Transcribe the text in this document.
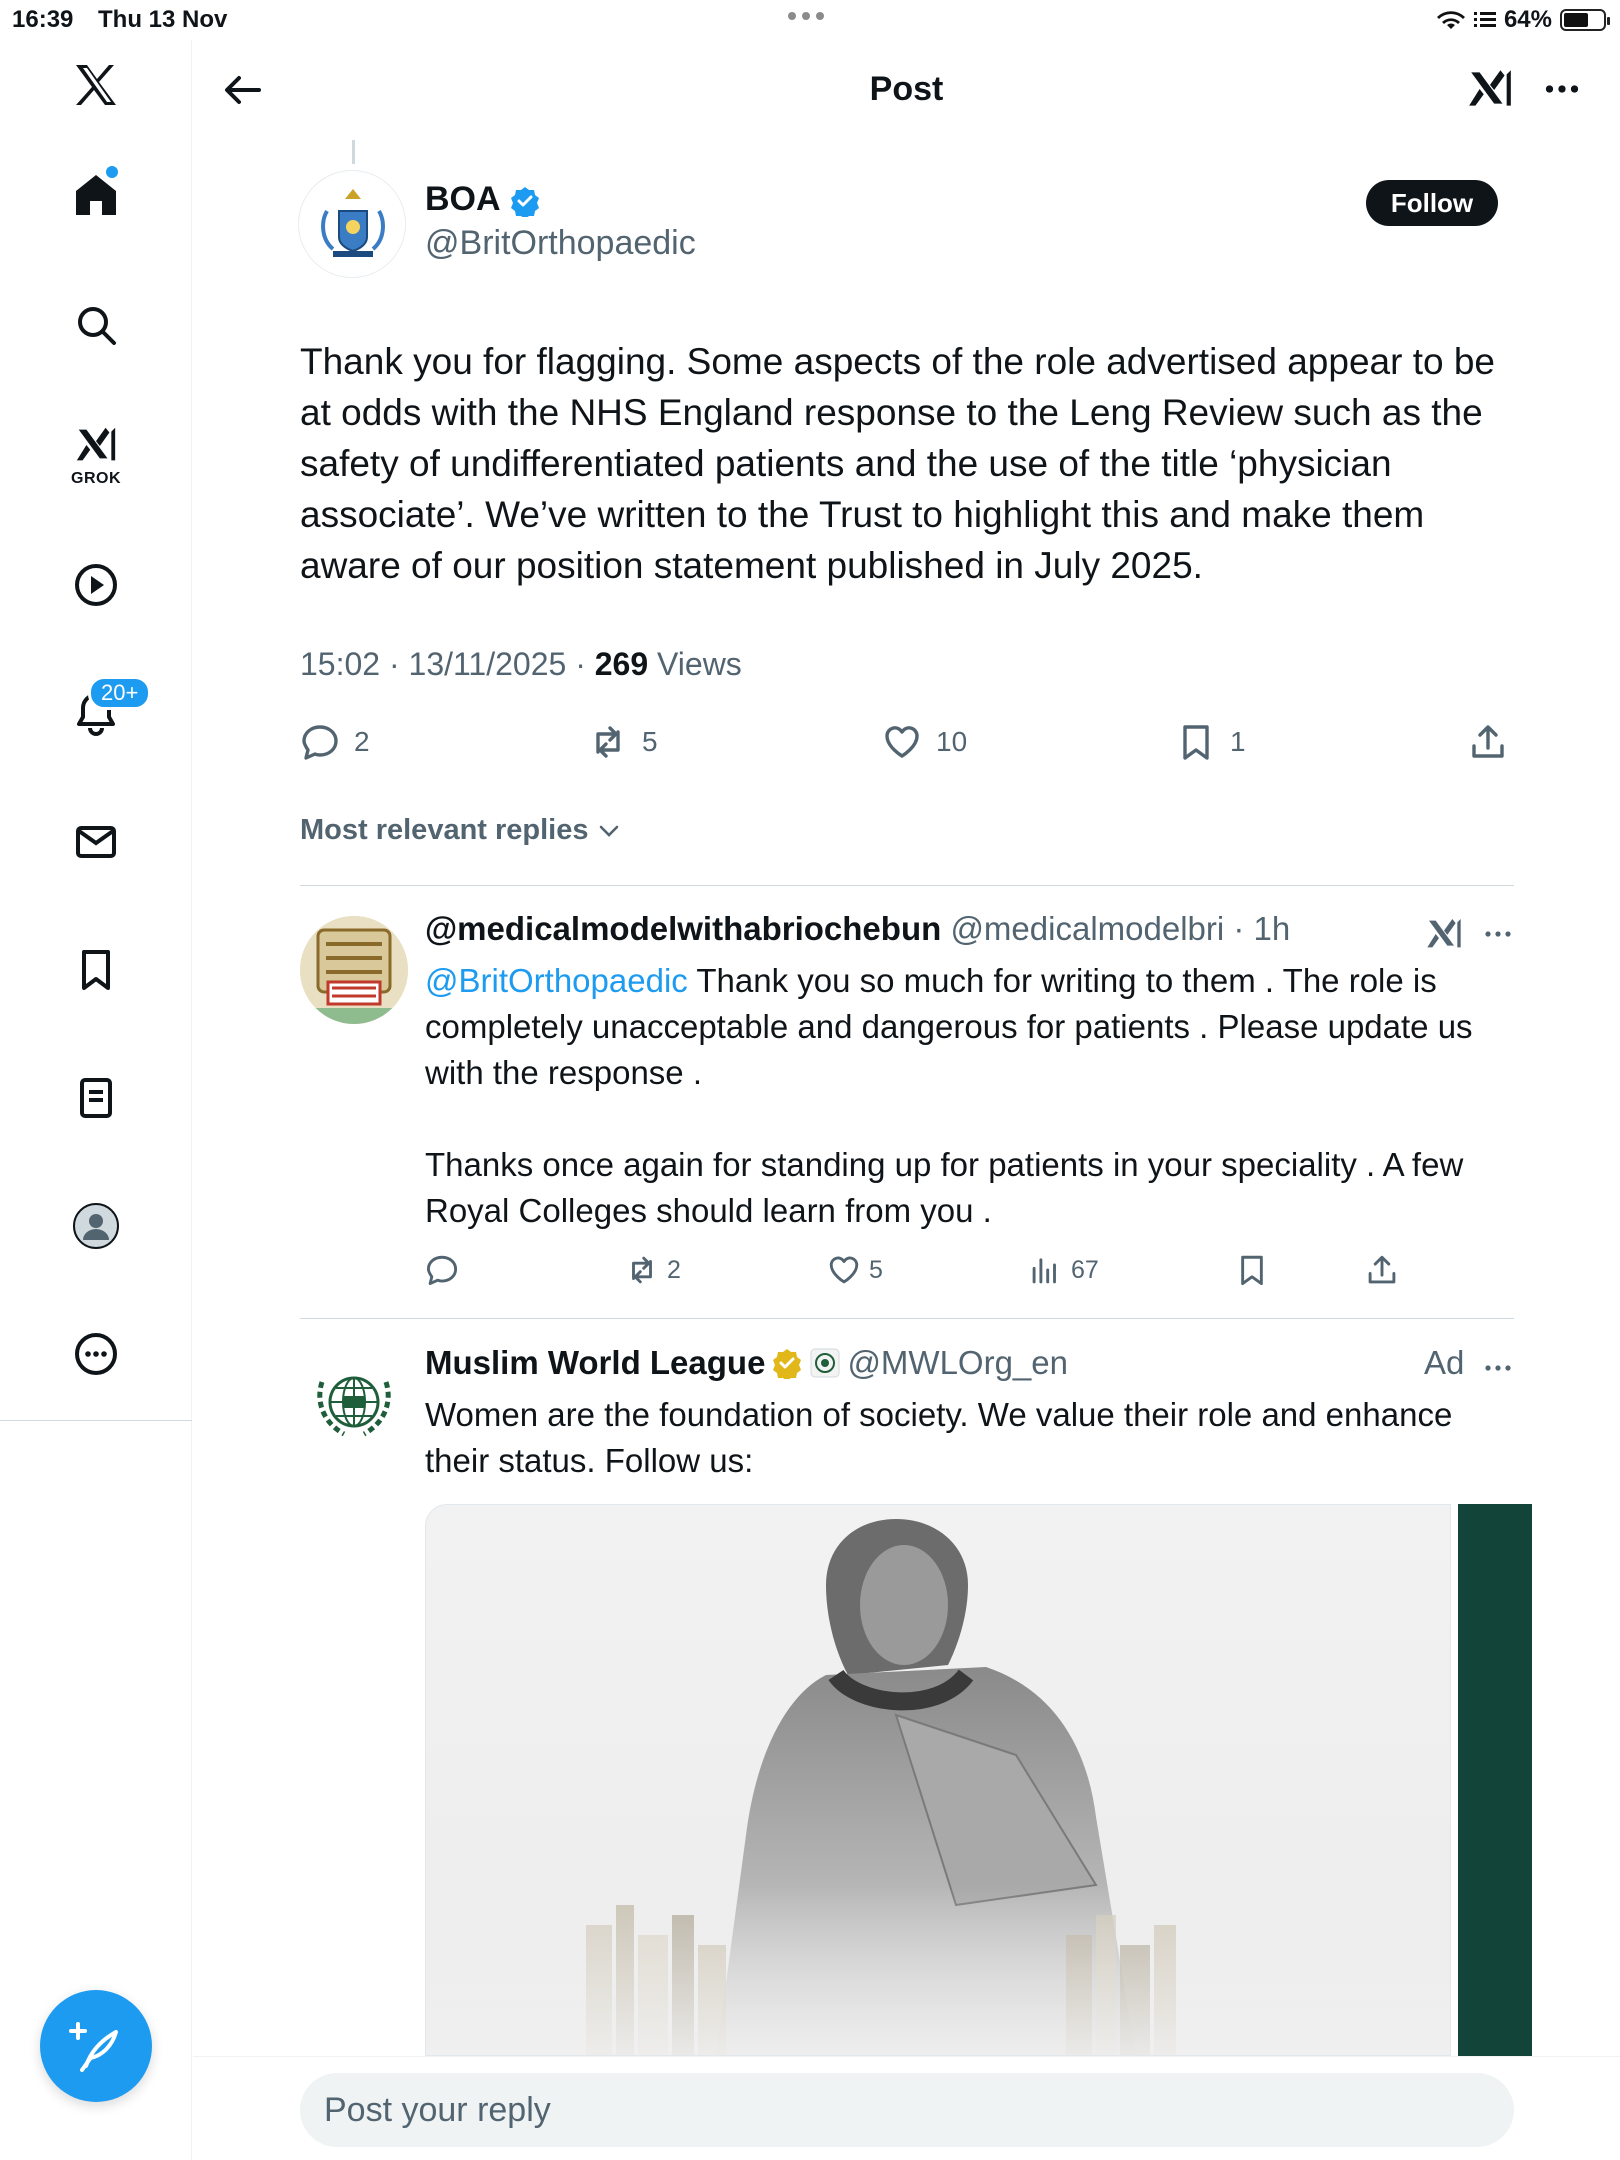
16:39 Thu 13 Nov	64%
GROK
20+
Post
BOA
@BritOrthopaedic
Follow
Thank you for flagging. Some aspects of the role advertised appear to be at odds with the NHS England response to the Leng Review such as the safety of undifferentiated patients and the use of the title ‘physician associate’. We’ve written to the Trust to highlight this and make them aware of our position statement published in July 2025.
15:02 · 13/11/2025 · 269 Views
2	5	10	1
Most relevant replies
@medicalmodelwithabriochebun @medicalmodelbri · 1h

@BritOrthopaedic Thank you so much for writing to them . The role is completely unacceptable and dangerous for patients . Please update us with the response .

Thanks once again for standing up for patients in your speciality . A few Royal Colleges should learn from you .

2	5	67
Muslim World League @MWLOrg_en	Ad
Women are the foundation of society. We value their role and enhance their status. Follow us:
Post your reply
